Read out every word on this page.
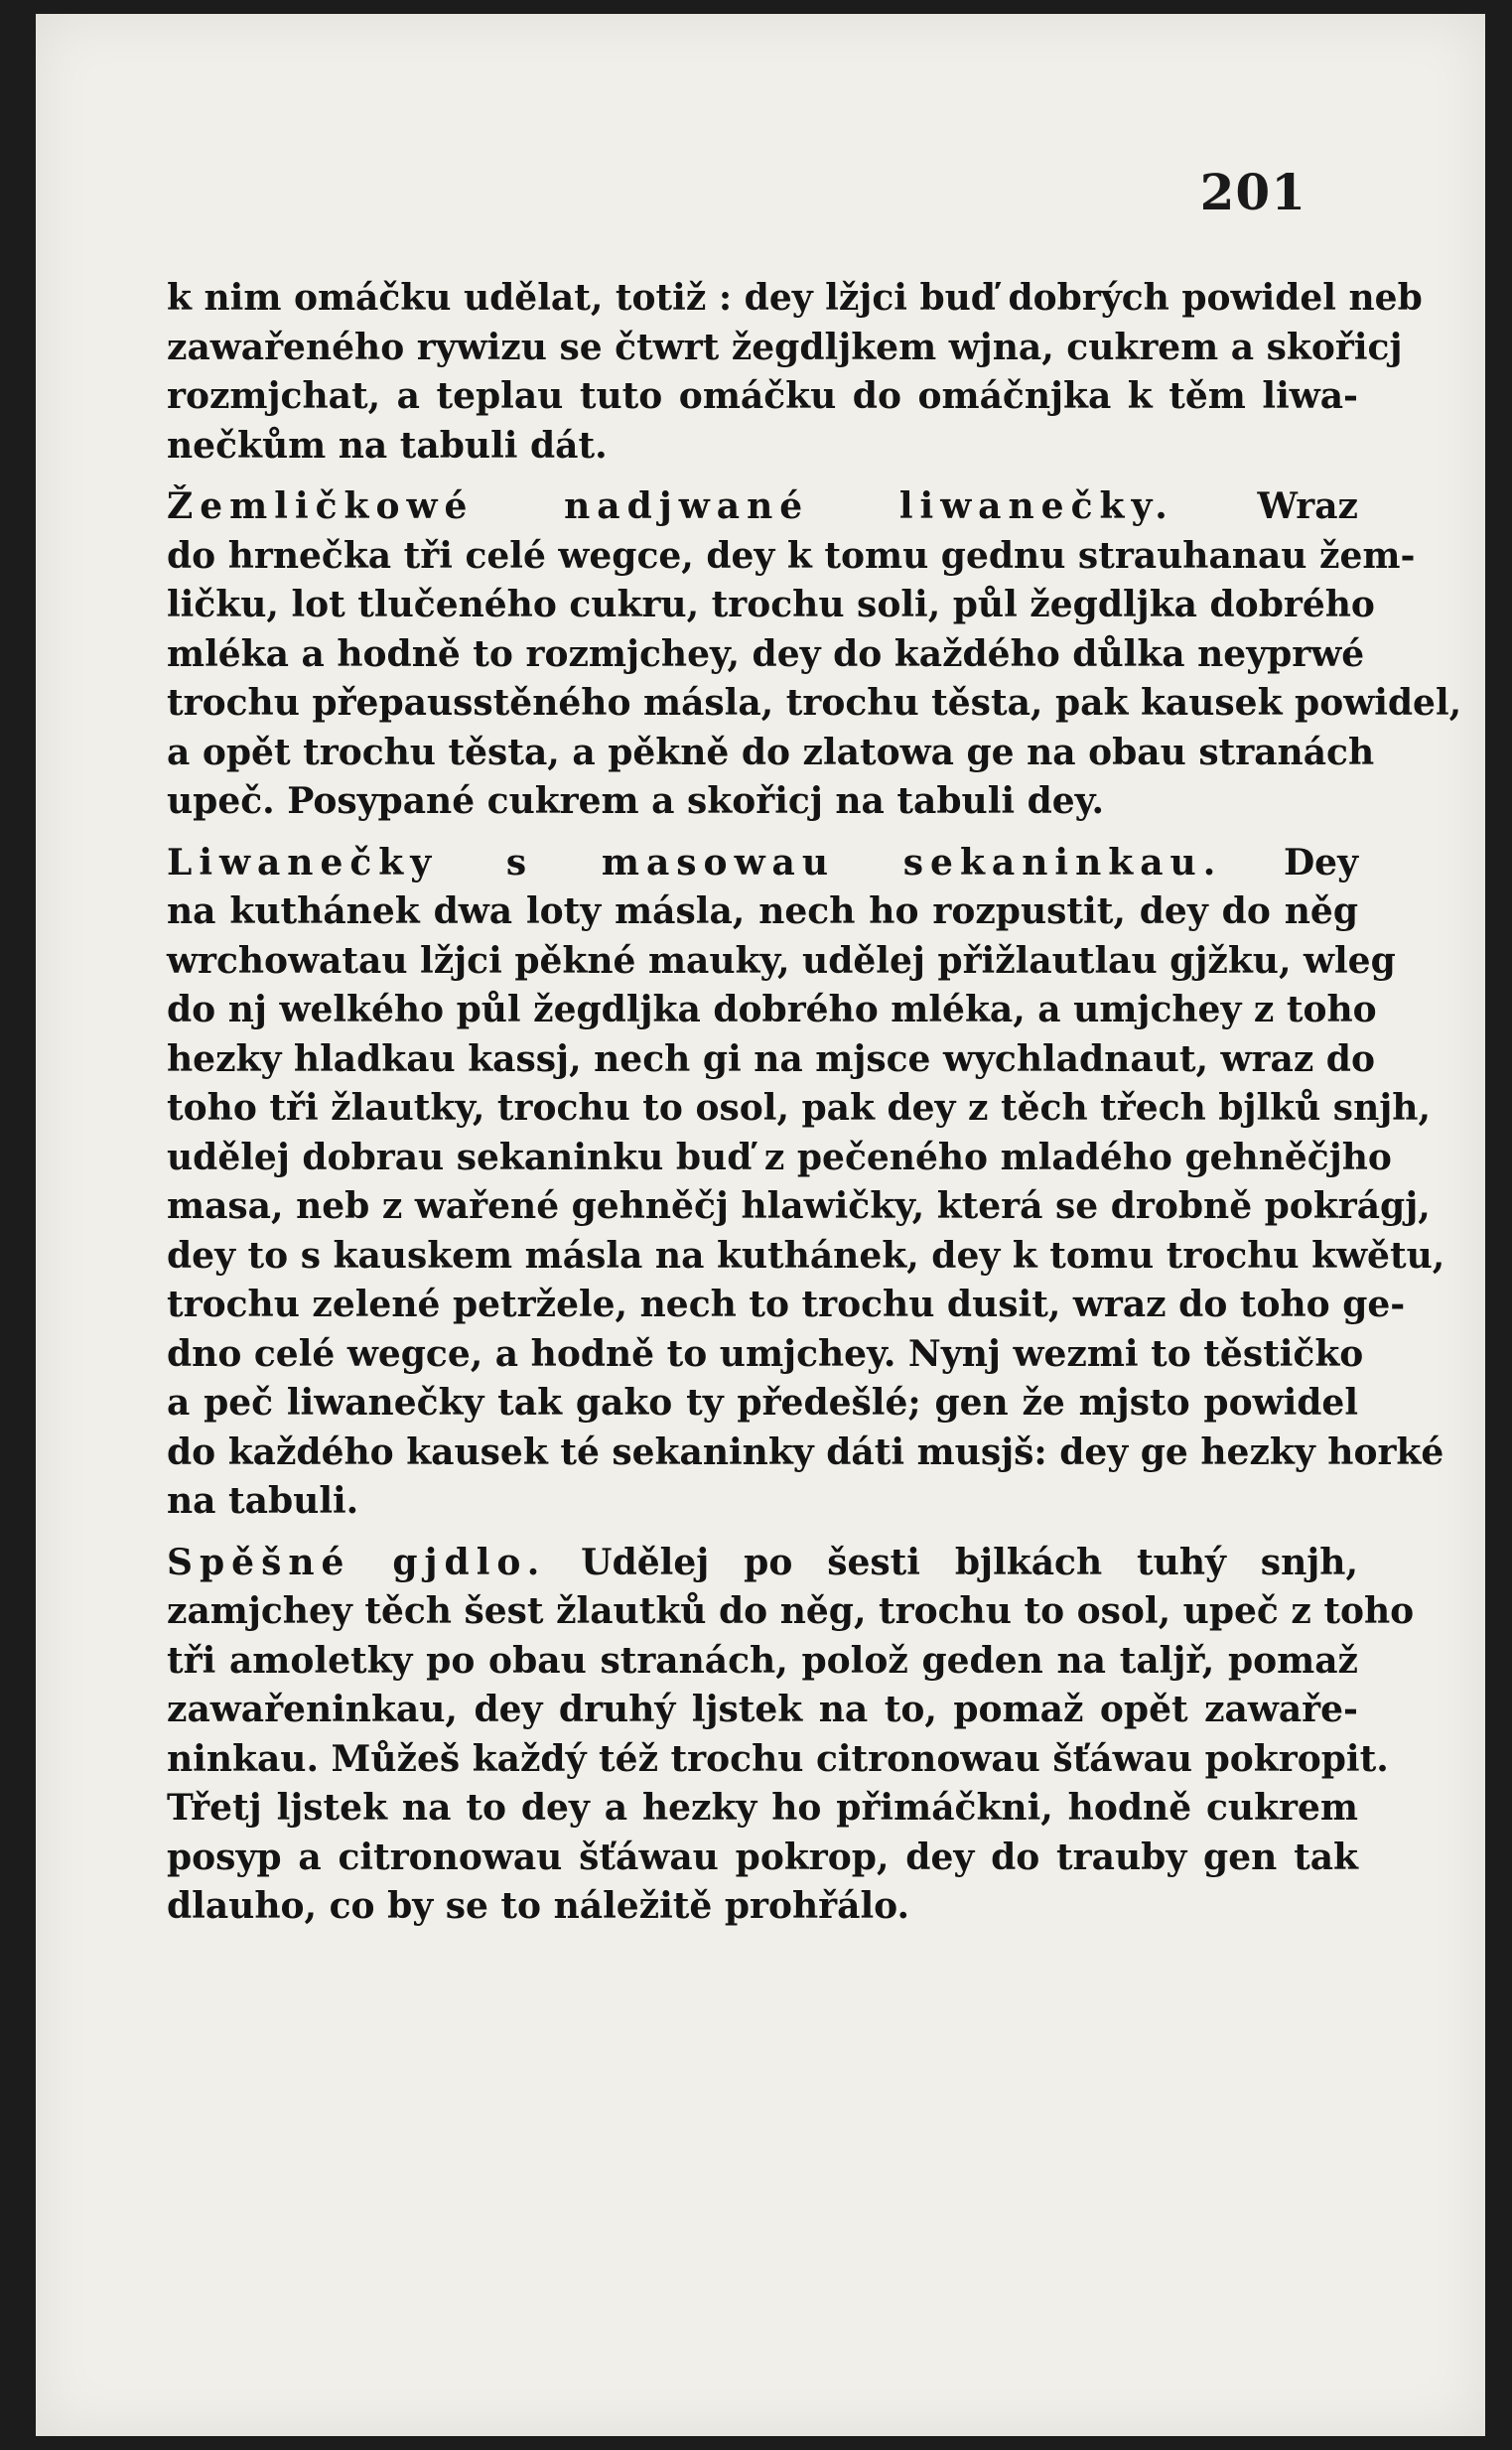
201
k nim omáčku udělat, totiž : dey lžjci buď dobrých powidel neb
zawařeného rywizu se čtwrt žegdljkem wjna, cukrem a skořicj
rozmjchat, a teplau tuto omáčku do omáčnjka k těm liwa-
nečkům na tabuli dát.
Žemličkowé nadjwané liwanečky. Wraz
do hrnečka tři celé wegce, dey k tomu gednu strauhanau žem-
ličku, lot tlučeného cukru, trochu soli, půl žegdljka dobrého
mléka a hodně to rozmjchey, dey do každého důlka neyprwé
trochu přepausstěného másla, trochu těsta, pak kausek powidel,
a opět trochu těsta, a pěkně do zlatowa ge na obau stranách
upeč. Posypané cukrem a skořicj na tabuli dey.
Liwanečky s masowau sekaninkau. Dey
na kuthánek dwa loty másla, nech ho rozpustit, dey do něg
wrchowatau lžjci pěkné mauky, udělej přižlautlau gjžku, wleg
do nj welkého půl žegdljka dobrého mléka, a umjchey z toho
hezky hladkau kassj, nech gi na mjsce wychladnaut, wraz do
toho tři žlautky, trochu to osol, pak dey z těch třech bjlků snjh,
udělej dobrau sekaninku buď z pečeného mladého gehněčjho
masa, neb z wařené gehněčj hlawičky, která se drobně pokrágj,
dey to s kauskem másla na kuthánek, dey k tomu trochu kwětu,
trochu zelené petržele, nech to trochu dusit, wraz do toho ge-
dno celé wegce, a hodně to umjchey. Nynj wezmi to těstičko
a peč liwanečky tak gako ty předešlé; gen že mjsto powidel
do každého kausek té sekaninky dáti musjš: dey ge hezky horké
na tabuli.
Spěšné gjdlo. Udělej po šesti bjlkách tuhý snjh,
zamjchey těch šest žlautků do něg, trochu to osol, upeč z toho
tři amoletky po obau stranách, polož geden na taljř, pomaž
zawařeninkau, dey druhý ljstek na to, pomaž opět zawaře-
ninkau. Můžeš každý též trochu citronowau šťáwau pokropit.
Třetj ljstek na to dey a hezky ho přimáčkni, hodně cukrem
posyp a citronowau šťáwau pokrop, dey do trauby gen tak
dlauho, co by se to náležitě prohřálo.
